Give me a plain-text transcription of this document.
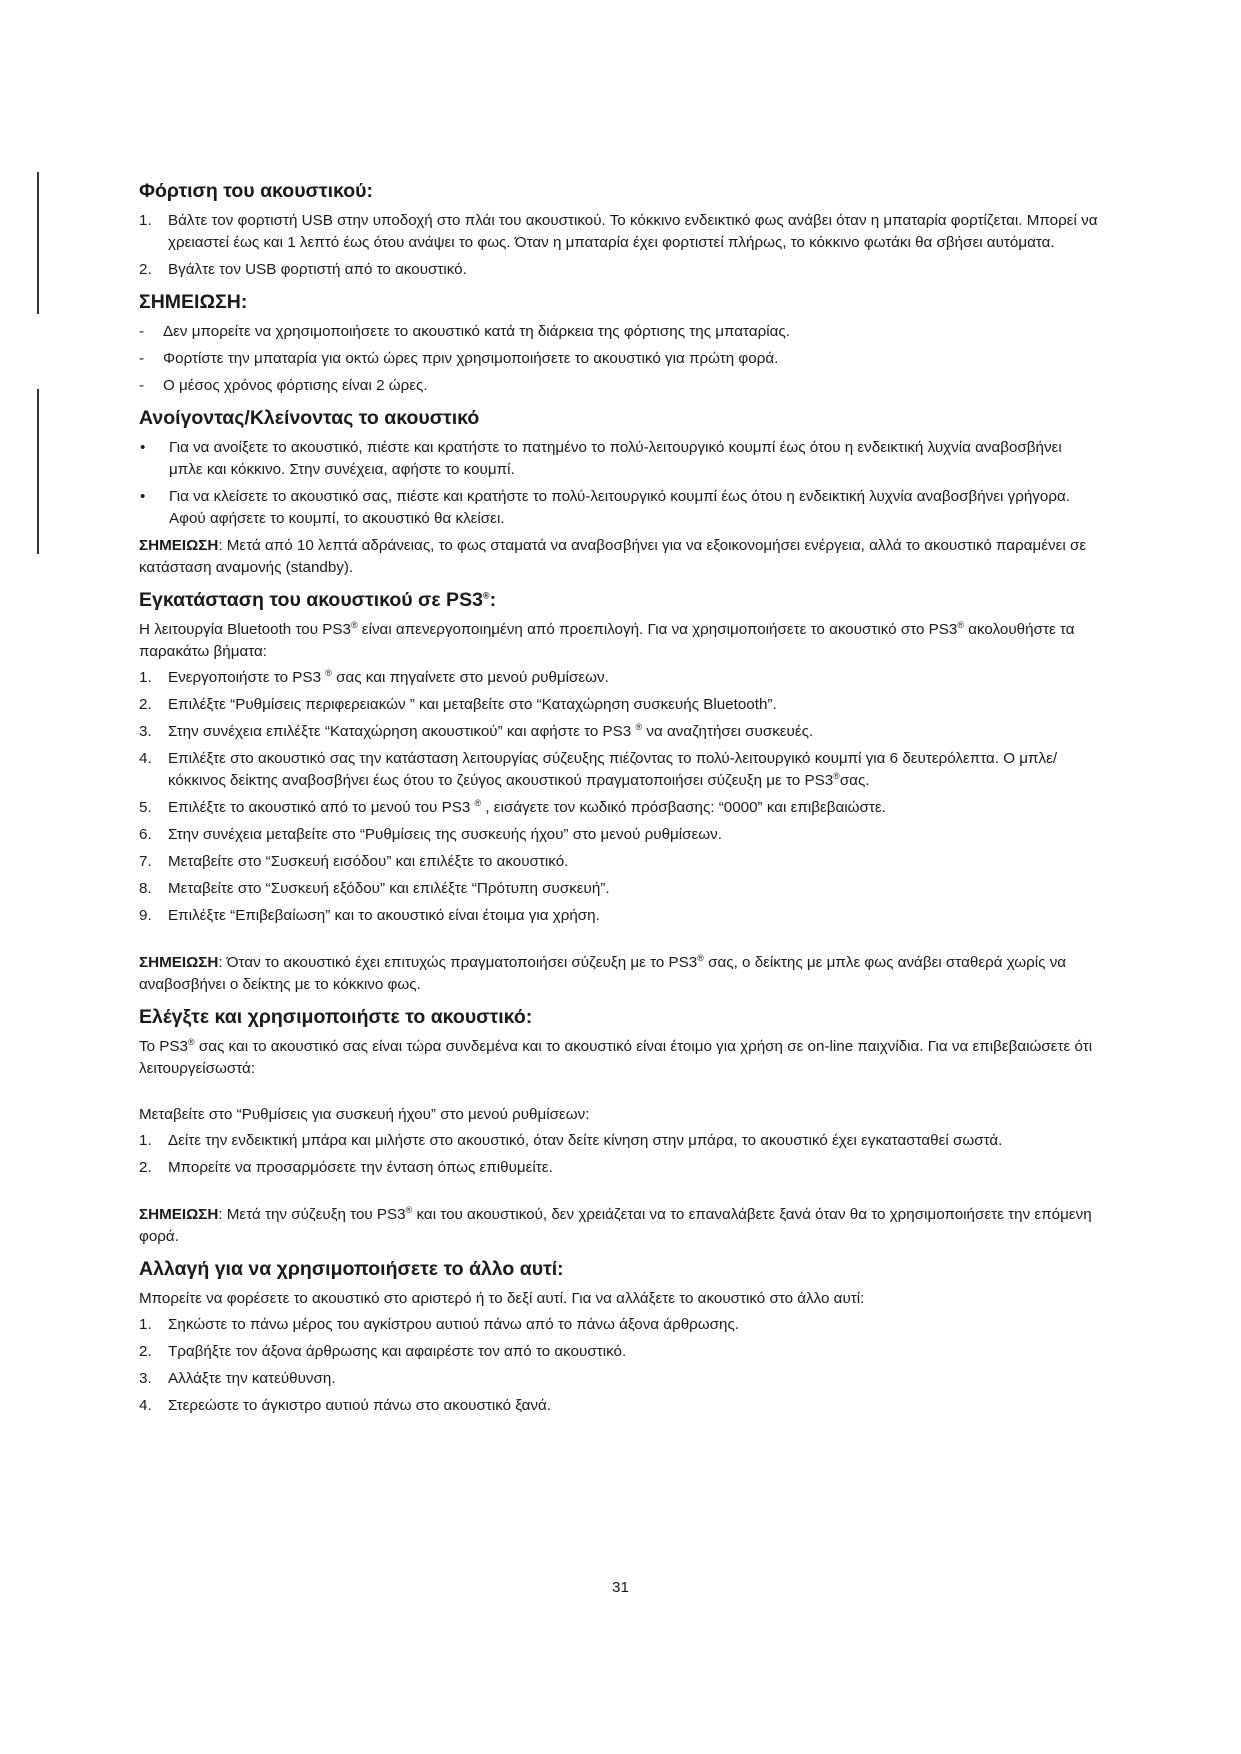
Φόρτιση του ακουστικού:
1. Βάλτε τον φορτιστή USB στην υποδοχή στο πλάι του ακουστικού. Το κόκκινο ενδεικτικό φως ανάβει όταν η μπαταρία φορτίζεται. Μπορεί να χρειαστεί έως και 1 λεπτό έως ότου ανάψει το φως. Όταν η μπαταρία έχει φορτιστεί πλήρως, το κόκκινο φωτάκι θα σβήσει αυτόματα.
2. Βγάλτε τον USB φορτιστή από το ακουστικό.
ΣΗΜΕΙΩΣΗ:
- Δεν μπορείτε να χρησιμοποιήσετε το ακουστικό κατά τη διάρκεια της φόρτισης της μπαταρίας.
- Φορτίστε την μπαταρία για οκτώ ώρες πριν χρησιμοποιήσετε το ακουστικό για πρώτη φορά.
- Ο μέσος χρόνος φόρτισης είναι 2 ώρες.
Ανοίγοντας/Κλείνοντας το ακουστικό
• Για να ανοίξετε το ακουστικό, πιέστε και κρατήστε το πατημένο το πολύ-λειτουργικό κουμπί έως ότου η ενδεικτική λυχνία αναβοσβήνει μπλε και κόκκινο. Στην συνέχεια, αφήστε το κουμπί.
• Για να κλείσετε το ακουστικό σας, πιέστε και κρατήστε το πολύ-λειτουργικό κουμπί έως ότου η ενδεικτική λυχνία αναβοσβήνει γρήγορα. Αφού αφήσετε το κουμπί, το ακουστικό θα κλείσει.

ΣΗΜΕΙΩΣΗ: Μετά από 10 λεπτά αδράνειας, το φως σταματά να αναβοσβήνει για να εξοικονομήσει ενέργεια, αλλά το ακουστικό παραμένει σε κατάσταση αναμονής (standby).

Εγκατάσταση του ακουστικού σε PS3®:

Η λειτουργία Bluetooth του PS3® είναι απενεργοποιημένη από προεπιλογή. Για να χρησιμοποιήσετε το ακουστικό στο PS3® ακολουθήστε τα παρακάτω βήματα:

1. Ενεργοποιήστε το PS3 ® σας και πηγαίνετε στο μενού ρυθμίσεων.
2. Επιλέξτε “Ρυθμίσεις περιφερειακών ” και μεταβείτε στο “Καταχώρηση συσκευής Bluetooth”.
3. Στην συνέχεια επιλέξτε “Καταχώρηση ακουστικού” και αφήστε το PS3 ® να αναζητήσει συσκευές.
4. Επιλέξτε στο ακουστικό σας την κατάσταση λειτουργίας σύζευξης πιέζοντας το πολύ-λειτουργικό κουμπί για 6 δευτερόλεπτα. Ο μπλε/κόκκινος δείκτης αναβοσβήνει έως ότου το ζεύγος ακουστικού πραγματοποιήσει σύζευξη με το PS3®σας.
5. Επιλέξτε το ακουστικό από το μενού του PS3 ® , εισάγετε τον κωδικό πρόσβασης: “0000” και επιβεβαιώστε.
6. Στην συνέχεια μεταβείτε στο “Ρυθμίσεις της συσκευής ήχου” στο μενού ρυθμίσεων.
7. Μεταβείτε στο “Συσκευή εισόδου” και επιλέξτε το ακουστικό.
8. Μεταβείτε στο “Συσκευή εξόδου” και επιλέξτε “Πρότυπη συσκευή”.
9. Επιλέξτε “Επιβεβαίωση” και το ακουστικό είναι έτοιμα για χρήση.

ΣΗΜΕΙΩΣΗ: Όταν το ακουστικό έχει επιτυχώς πραγματοποιήσει σύζευξη με το PS3® σας, ο δείκτης με μπλε φως ανάβει σταθερά χωρίς να αναβοσβήνει ο δείκτης με το κόκκινο φως.

Ελέγξτε και χρησιμοποιήστε το ακουστικό:

Το PS3® σας και το ακουστικό σας είναι τώρα συνδεμένα και το ακουστικό είναι έτοιμο για χρήση σε on-line παιχνίδια. Για να επιβεβαιώσετε ότι λειτουργείσωστά:

Μεταβείτε στο “Ρυθμίσεις για συσκευή ήχου” στο μενού ρυθμίσεων:

1. Δείτε την ενδεικτική μπάρα και μιλήστε στο ακουστικό, όταν δείτε κίνηση στην μπάρα, το ακουστικό έχει εγκατασταθεί σωστά.
2. Μπορείτε να προσαρμόσετε την ένταση όπως επιθυμείτε.

ΣΗΜΕΙΩΣΗ: Μετά την σύζευξη του PS3® και του ακουστικού, δεν χρειάζεται να το επαναλάβετε ξανά όταν θα το χρησιμοποιήσετε την επόμενη φορά.

Αλλαγή για να χρησιμοποιήσετε το άλλο αυτί:

Μπορείτε να φορέσετε το ακουστικό στο αριστερό ή το δεξί αυτί. Για να αλλάξετε το ακουστικό στο άλλο αυτί:

1. Σηκώστε το πάνω μέρος του αγκίστρου αυτιού πάνω από το πάνω άξονα άρθρωσης.
2. Τραβήξτε τον άξονα άρθρωσης και αφαιρέστε τον από το ακουστικό.
3. Αλλάξτε την κατεύθυνση.
4. Στερεώστε το άγκιστρο αυτιού πάνω στο ακουστικό ξανά.
31
